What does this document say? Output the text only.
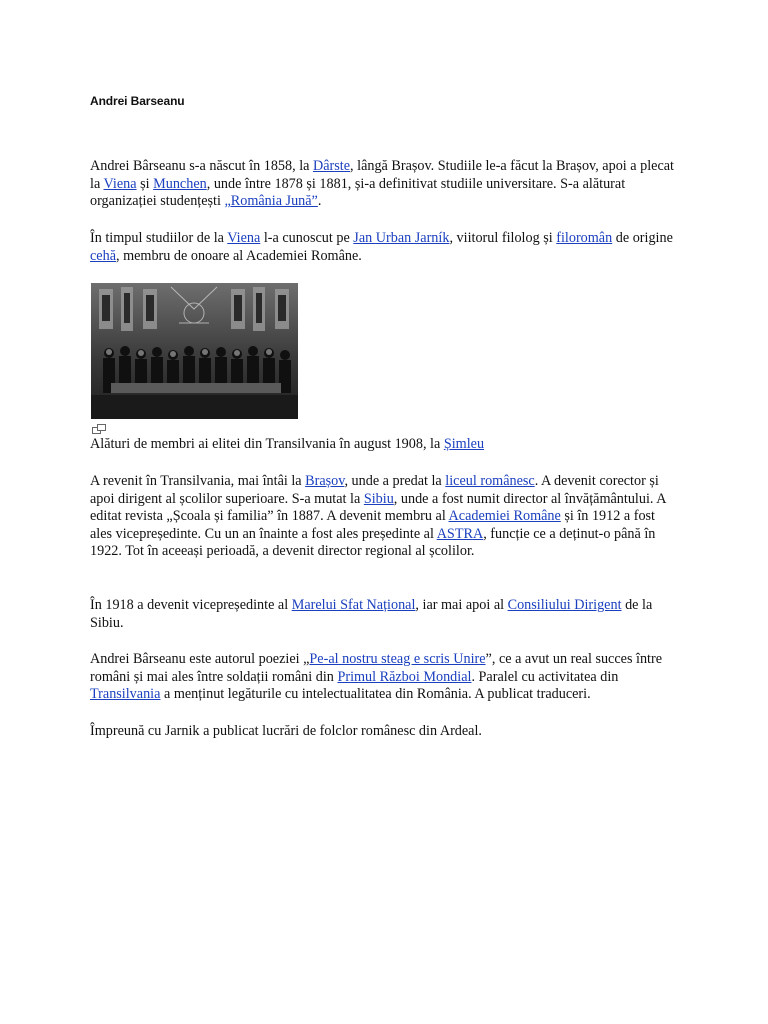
Andrei Barseanu

Andrei Bârseanu s-a născut în 1858, la Dârste, lângă Brașov. Studiile le-a făcut la Brașov, apoi a plecat la Viena și Munchen, unde între 1878 și 1881, și-a definitivat studiile universitare. S-a alăturat organizației studențești „România Jună”.

În timpul studiilor de la Viena l-a cunoscut pe Jan Urban Jarník, viitorul filolog și filoromân de origine cehă, membru de onoare al Academiei Române.

Alături de membri ai elitei din Transilvania în august 1908, la Șimleu

A revenit în Transilvania, mai întâi la Brașov, unde a predat la liceul românesc. A devenit corector și apoi dirigent al școlilor superioare. S-a mutat la Sibiu, unde a fost numit director al învățământului. A editat revista „Școala și familia” în 1887. A devenit membru al Academiei Române și în 1912 a fost ales vicepreședinte. Cu un an înainte a fost ales președinte al ASTRA, funcție ce a deținut-o până în 1922. Tot în aceeași perioadă, a devenit director regional al școlilor.

În 1918 a devenit vicepreședinte al Marelui Sfat Național, iar mai apoi al Consiliului Dirigent de la Sibiu.

Andrei Bârseanu este autorul poeziei „Pe-al nostru steag e scris Unire”, ce a avut un real succes între români și mai ales între soldații români din Primul Război Mondial. Paralel cu activitatea din Transilvania a menținut legăturile cu intelectualitatea din România. A publicat traduceri.

Împreună cu Jarnik a publicat lucrări de folclor românesc din Ardeal.
